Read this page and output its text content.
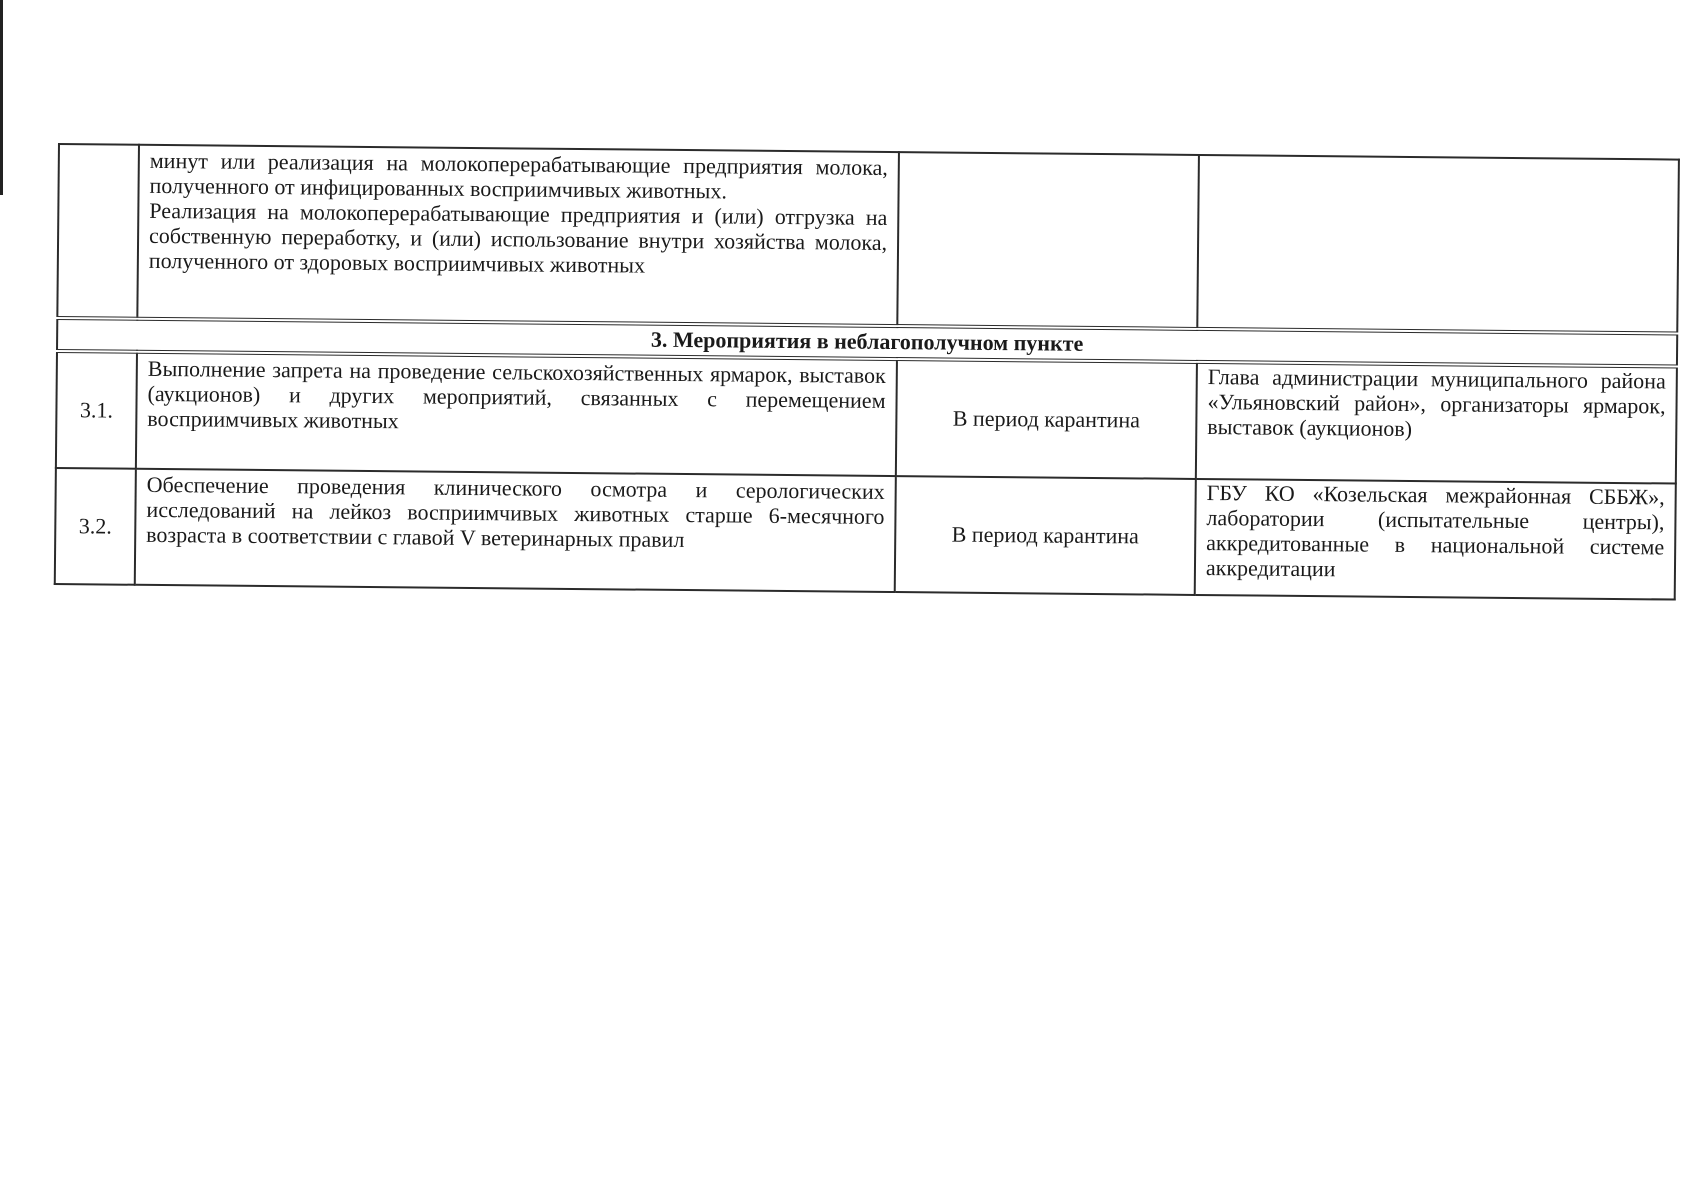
	минут или реализация на молокоперерабатывающие предприятия молока, полученного от инфицированных восприимчивых животных.
Реализация на молокоперерабатывающие предприятия и (или) отгрузка на собственную переработку, и (или) использование внутри хозяйства молока, полученного от здоровых восприимчивых животных		

3. Мероприятия в неблагополучном пункте			
3.1.	Выполнение запрета на проведение сельскохозяйственных ярмарок, выставок (аукционов) и других мероприятий, связанных с перемещением восприимчивых животных	В период карантина	Глава администрации муниципального района «Ульяновский район», организаторы ярмарок, выставок (аукционов)
3.2.	Обеспечение проведения клинического осмотра и серологических исследований на лейкоз восприимчивых животных старше 6-месячного возраста в соответствии с главой V ветеринарных правил	В период карантина	ГБУ КО «Козельская межрайонная СББЖ», лаборатории (испытательные центры), аккредитованные в национальной системе аккредитации
